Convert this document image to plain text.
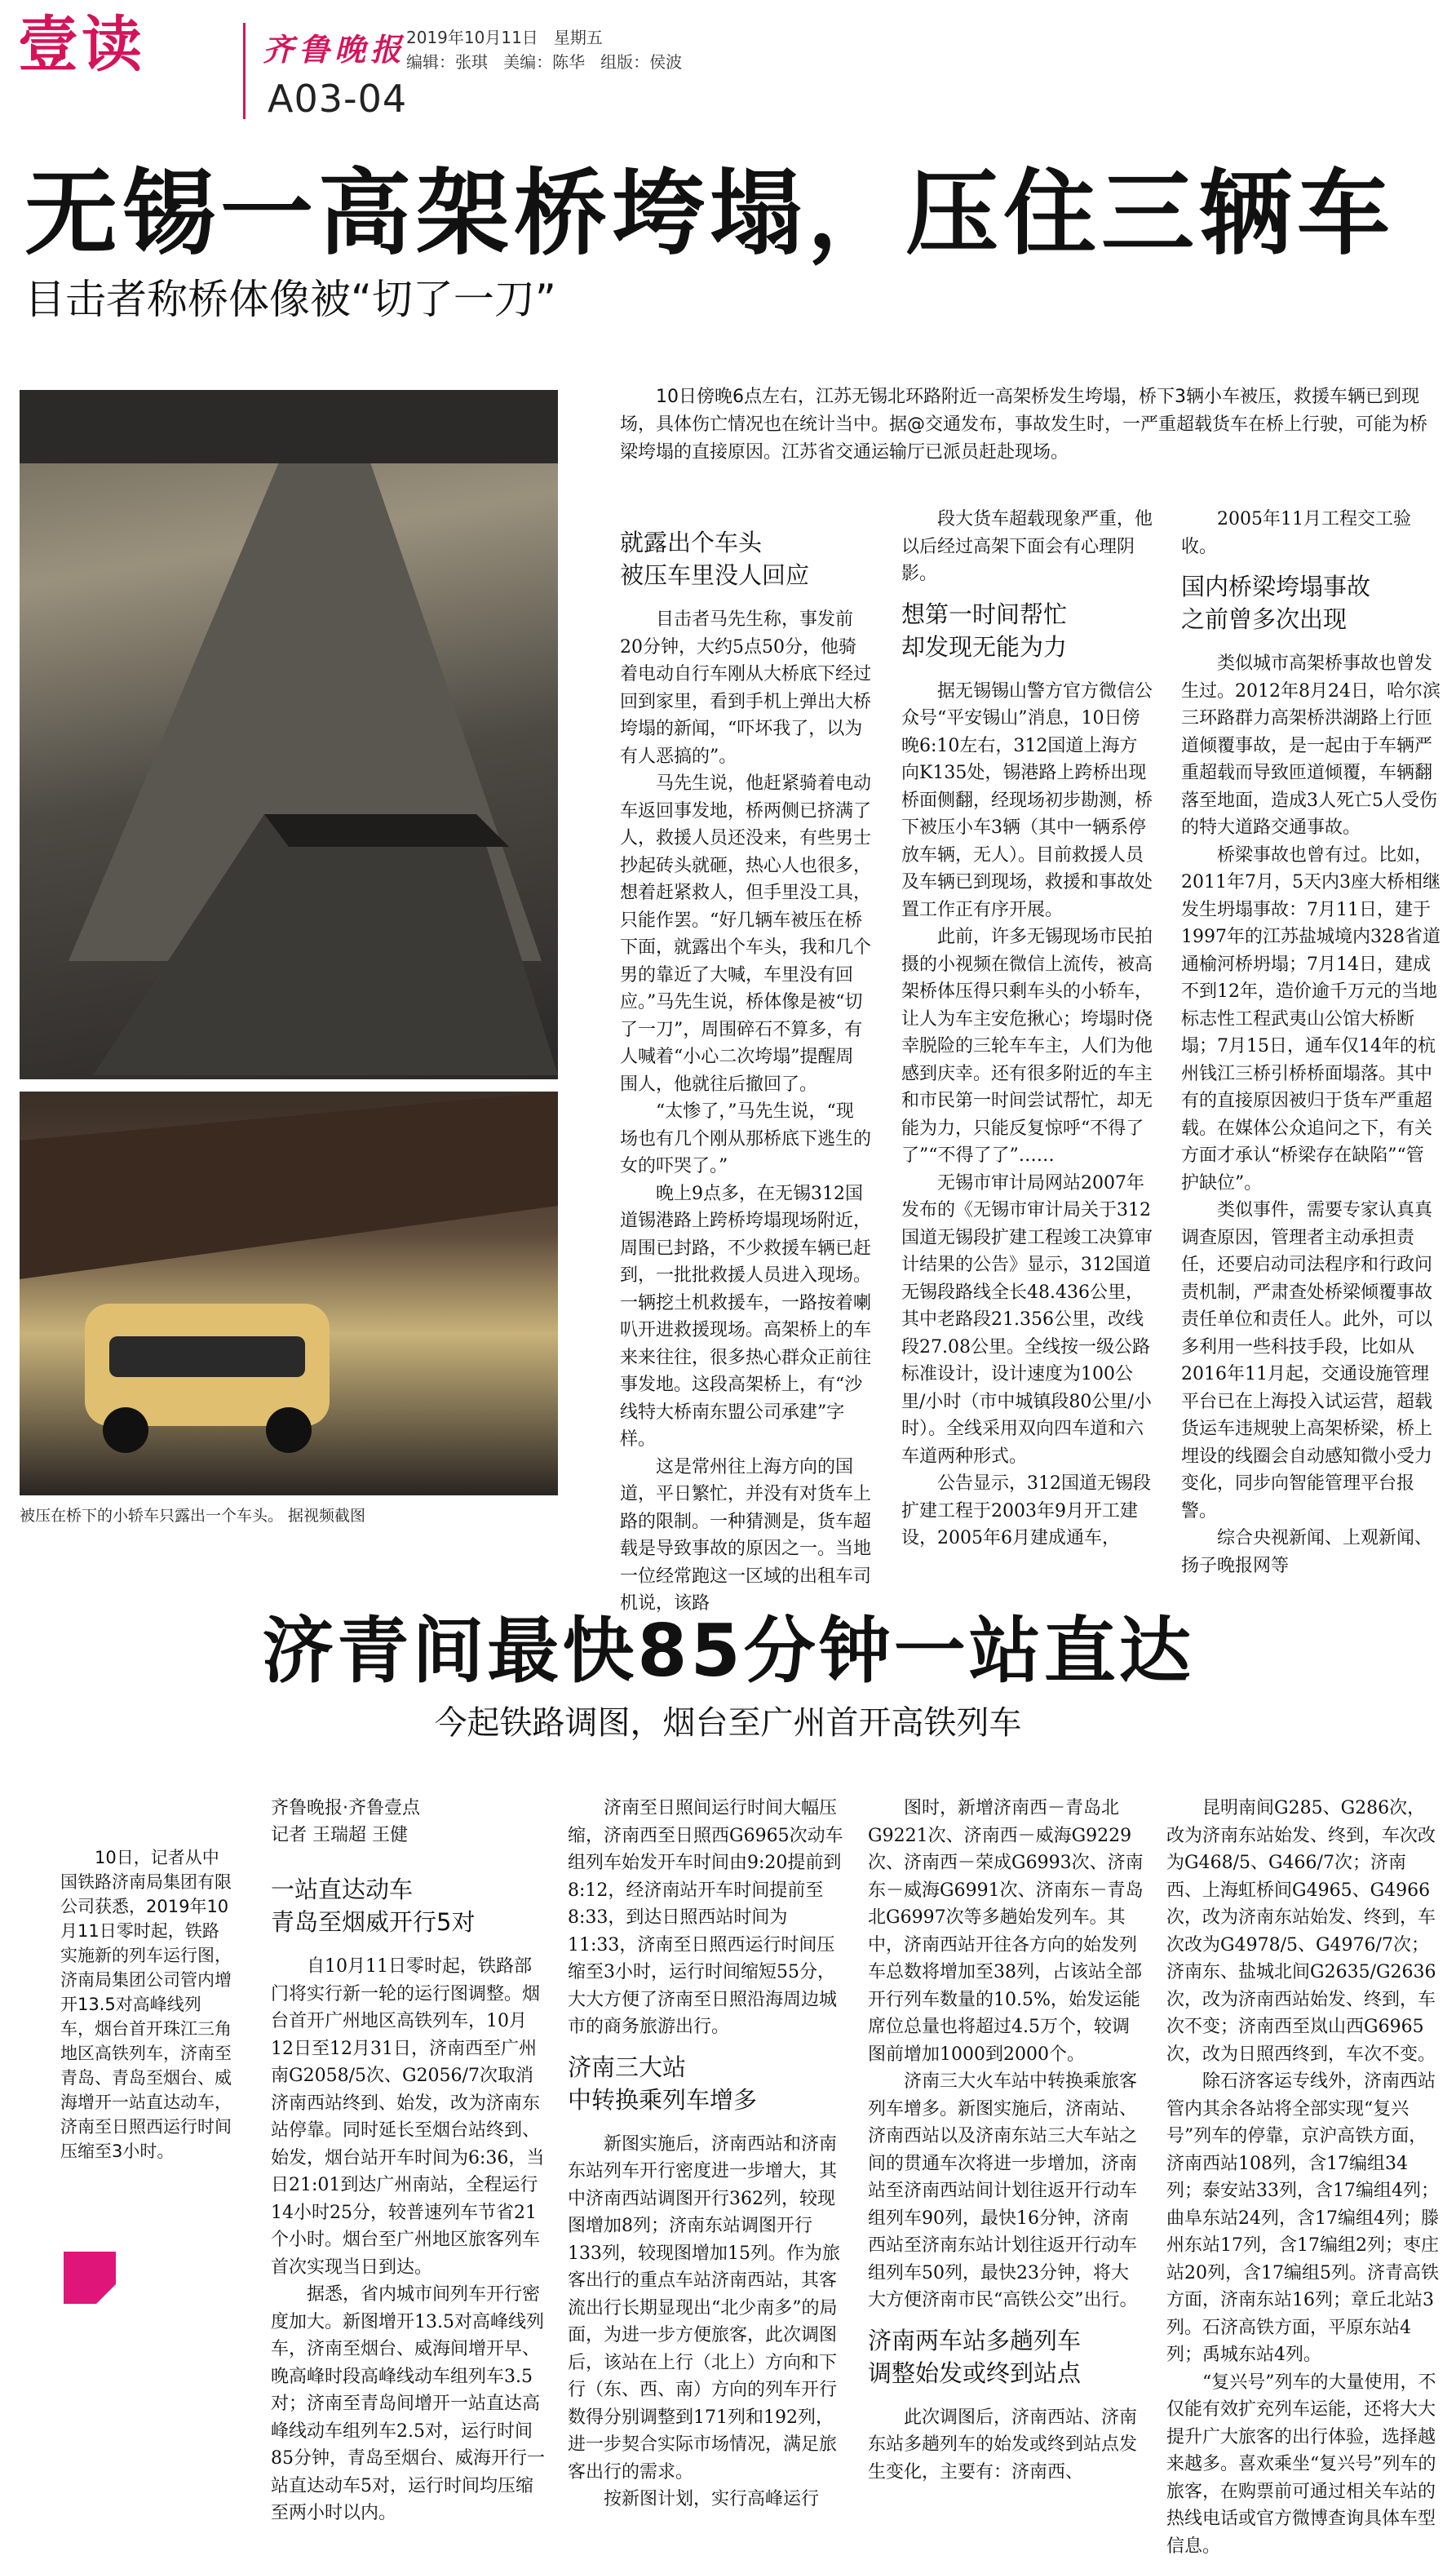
壹读	齐鲁晚报 2019年10月11日   星期五
编辑：张琪   美编：陈华   组版：侯波
A03-04
无锡一高架桥垮塌，压住三辆车
目击者称桥体像被“切了一刀”
被压在桥下的小轿车只露出一个车头。 据视频截图

10日傍晚6点左右，江苏无锡北环路附近一高架桥发生垮塌，桥下3辆小车被压，救援车辆已到现场，具体伤亡情况也在统计当中。据@交通发布，事故发生时，一严重超载货车在桥上行驶，可能为桥梁垮塌的直接原因。江苏省交通运输厅已派员赶赴现场。

就露出个车头
被压车里没人回应

目击者马先生称，事发前20分钟，大约5点50分，他骑着电动自行车刚从大桥底下经过回到家里，看到手机上弹出大桥垮塌的新闻，“吓坏我了，以为有人恶搞的”。

马先生说，他赶紧骑着电动车返回事发地，桥两侧已挤满了人，救援人员还没来，有些男士抄起砖头就砸，热心人也很多，想着赶紧救人，但手里没工具，只能作罢。“好几辆车被压在桥下面，就露出个车头，我和几个男的靠近了大喊，车里没有回应。”马先生说，桥体像是被“切了一刀”，周围碎石不算多，有人喊着“小心二次垮塌”提醒周围人，他就往后撤回了。

“太惨了，”马先生说，“现场也有几个刚从那桥底下逃生的女的吓哭了。”

晚上9点多，在无锡312国道锡港路上跨桥垮塌现场附近，周围已封路，不少救援车辆已赶到，一批批救援人员进入现场。一辆挖土机救援车，一路按着喇叭开进救援现场。高架桥上的车来来往往，很多热心群众正前往事发地。这段高架桥上，有“沙线特大桥南东盟公司承建”字样。

这是常州往上海方向的国道，平日繁忙，并没有对货车上路的限制。一种猜测是，货车超载是导致事故的原因之一。当地一位经常跑这一区域的出租车司机说，该路

段大货车超载现象严重，他以后经过高架下面会有心理阴影。

想第一时间帮忙
却发现无能为力

据无锡锡山警方官方微信公众号“平安锡山”消息，10日傍晚6:10左右，312国道上海方向K135处，锡港路上跨桥出现桥面侧翻，经现场初步勘测，桥下被压小车3辆（其中一辆系停放车辆，无人）。目前救援人员及车辆已到现场，救援和事故处置工作正有序开展。

此前，许多无锡现场市民拍摄的小视频在微信上流传，被高架桥体压得只剩车头的小轿车，让人为车主安危揪心；垮塌时侥幸脱险的三轮车车主，人们为他感到庆幸。还有很多附近的车主和市民第一时间尝试帮忙，却无能为力，只能反复惊呼“不得了了”“不得了了”……

无锡市审计局网站2007年发布的《无锡市审计局关于312国道无锡段扩建工程竣工决算审计结果的公告》显示，312国道无锡段路线全长48.436公里，其中老路段21.356公里，改线段27.08公里。全线按一级公路标准设计，设计速度为100公里/小时（市中城镇段80公里/小时）。全线采用双向四车道和六车道两种形式。

公告显示，312国道无锡段扩建工程于2003年9月开工建设，2005年6月建成通车，

2005年11月工程交工验收。

国内桥梁垮塌事故
之前曾多次出现

类似城市高架桥事故也曾发生过。2012年8月24日，哈尔滨三环路群力高架桥洪湖路上行匝道倾覆事故，是一起由于车辆严重超载而导致匝道倾覆，车辆翻落至地面，造成3人死亡5人受伤的特大道路交通事故。

桥梁事故也曾有过。比如，2011年7月，5天内3座大桥相继发生坍塌事故：7月11日，建于1997年的江苏盐城境内328省道通榆河桥坍塌；7月14日，建成不到12年，造价逾千万元的当地标志性工程武夷山公馆大桥断塌；7月15日，通车仅14年的杭州钱江三桥引桥桥面塌落。其中有的直接原因被归于货车严重超载。在媒体公众追问之下，有关方面才承认“桥梁存在缺陷”“管护缺位”。

类似事件，需要专家认真真调查原因，管理者主动承担责任，还要启动司法程序和行政问责机制，严肃查处桥梁倾覆事故责任单位和责任人。此外，可以多利用一些科技手段，比如从2016年11月起，交通设施管理平台已在上海投入试运营，超载货运车违规驶上高架桥梁，桥上埋设的线圈会自动感知微小受力变化，同步向智能管理平台报警。

综合央视新闻、上观新闻、扬子晚报网等

济青间最快85分钟一站直达
今起铁路调图，烟台至广州首开高铁列车

10日，记者从中国铁路济南局集团有限公司获悉，2019年10月11日零时起，铁路实施新的列车运行图，济南局集团公司管内增开13.5对高峰线列车，烟台首开珠江三角地区高铁列车，济南至青岛、青岛至烟台、威海增开一站直达动车，济南至日照西运行时间压缩至3小时。

齐鲁晚报·齐鲁壹点
记者 王瑞超 王健
一站直达动车
青岛至烟威开行5对

自10月11日零时起，铁路部门将实行新一轮的运行图调整。烟台首开广州地区高铁列车，10月12日至12月31日，济南西至广州南G2058/5次、G2056/7次取消济南西站终到、始发，改为济南东站停靠。同时延长至烟台站终到、始发，烟台站开车时间为6:36，当日21:01到达广州南站，全程运行14小时25分，较普速列车节省21个小时。烟台至广州地区旅客列车首次实现当日到达。

据悉，省内城市间列车开行密度加大。新图增开13.5对高峰线列车，济南至烟台、威海间增开早、晚高峰时段高峰线动车组列车3.5对；济南至青岛间增开一站直达高峰线动车组列车2.5对，运行时间85分钟，青岛至烟台、威海开行一站直达动车5对，运行时间均压缩至两小时以内。

济南至日照间运行时间大幅压缩，济南西至日照西G6965次动车组列车始发开车时间由9:20提前到8:12，经济南站开车时间提前至8:33，到达日照西站时间为11:33，济南至日照西运行时间压缩至3小时，运行时间缩短55分，大大方便了济南至日照沿海周边城市的商务旅游出行。

济南三大站
中转换乘列车增多

新图实施后，济南西站和济南东站列车开行密度进一步增大，其中济南西站调图开行362列，较现图增加8列；济南东站调图开行133列，较现图增加15列。作为旅客出行的重点车站济南西站，其客流出行长期显现出“北少南多”的局面，为进一步方便旅客，此次调图后，该站在上行（北上）方向和下行（东、西、南）方向的列车开行数得分别调整到171列和192列，进一步契合实际市场情况，满足旅客出行的需求。

按新图计划，实行高峰运行

图时，新增济南西－青岛北G9221次、济南西－威海G9229次、济南西－荣成G6993次、济南东－威海G6991次、济南东－青岛北G6997次等多趟始发列车。其中，济南西站开往各方向的始发列车总数将增加至38列，占该站全部开行列车数量的10.5%，始发运能席位总量也将超过4.5万个，较调图前增加1000到2000个。

济南三大火车站中转换乘旅客列车增多。新图实施后，济南站、济南西站以及济南东站三大车站之间的贯通车次将进一步增加，济南站至济南西站间计划往返开行动车组列车90列，最快16分钟，济南西站至济南东站计划往返开行动车组列车50列，最快23分钟，将大大方便济南市民“高铁公交”出行。

济南两车站多趟列车
调整始发或终到站点

此次调图后，济南西站、济南东站多趟列车的始发或终到站点发生变化，主要有：济南西、

昆明南间G285、G286次，改为济南东站始发、终到，车次改为G468/5、G466/7次；济南西、上海虹桥间G4965、G4966次，改为济南东站始发、终到，车次改为G4978/5、G4976/7次；济南东、盐城北间G2635/G2636次，改为济南西站始发、终到，车次不变；济南西至岚山西G6965次，改为日照西终到，车次不变。

除石济客运专线外，济南西站管内其余各站将全部实现“复兴号”列车的停靠，京沪高铁方面，济南西站108列，含17编组34列；泰安站33列，含17编组4列；曲阜东站24列，含17编组4列；滕州东站17列，含17编组2列；枣庄站20列，含17编组5列。济青高铁方面，济南东站16列；章丘北站3列。石济高铁方面，平原东站4列；禹城东站4列。

“复兴号”列车的大量使用，不仅能有效扩充列车运能，还将大大提升广大旅客的出行体验，选择越来越多。喜欢乘坐“复兴号”列车的旅客，在购票前可通过相关车站的热线电话或官方微博查询具体车型信息。
